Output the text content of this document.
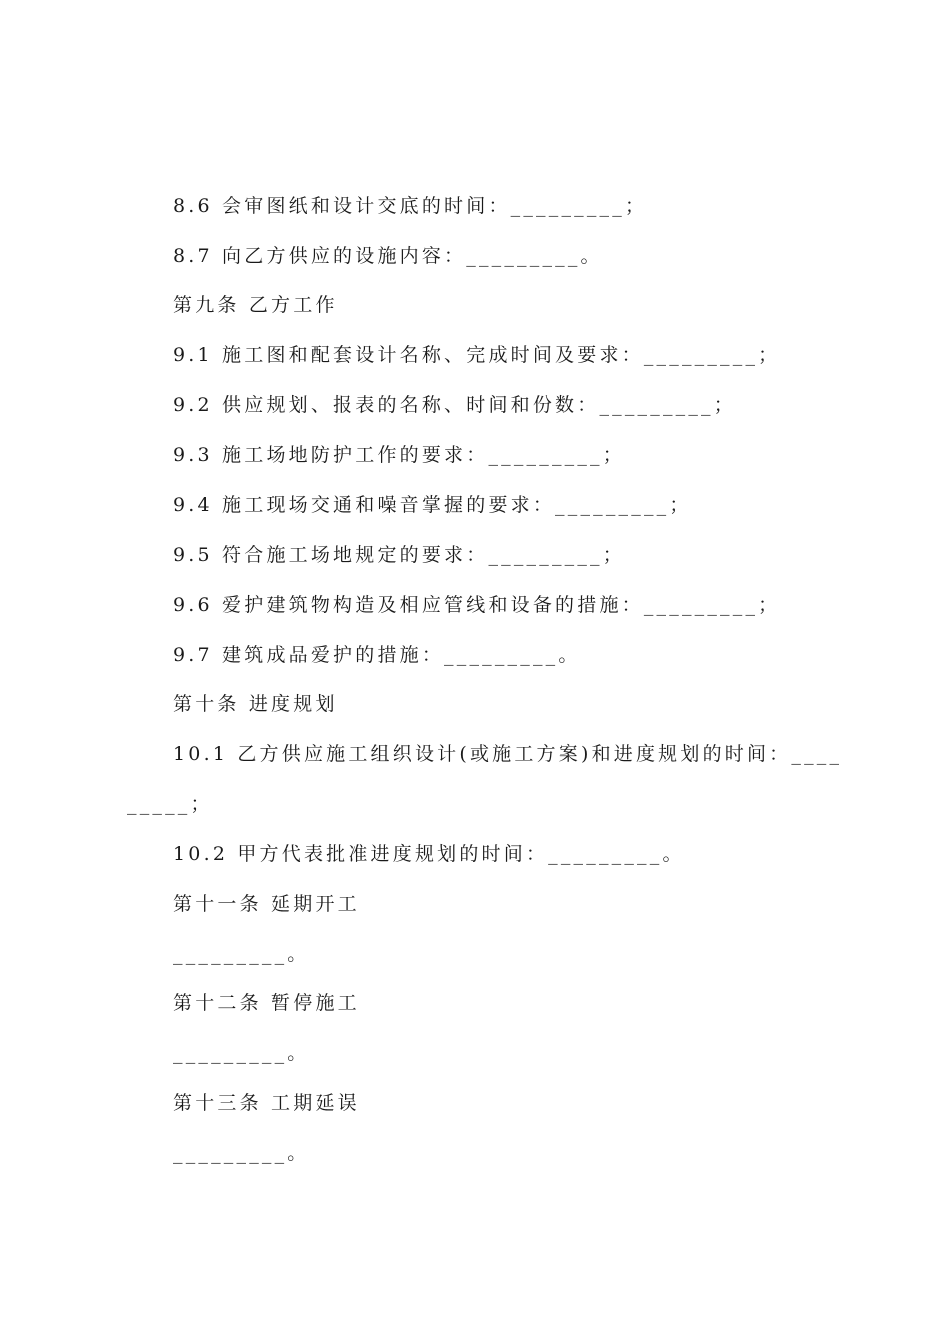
8.6 会审图纸和设计交底的时间：_________；
8.7 向乙方供应的设施内容：_________。
第九条 乙方工作
9.1 施工图和配套设计名称、完成时间及要求：_________；
9.2 供应规划、报表的名称、时间和份数：_________；
9.3 施工场地防护工作的要求：_________；
9.4 施工现场交通和噪音掌握的要求：_________；
9.5 符合施工场地规定的要求：_________；
9.6 爱护建筑物构造及相应管线和设备的措施：_________；
9.7 建筑成品爱护的措施：_________。
第十条 进度规划
10.1 乙方供应施工组织设计(或施工方案)和进度规划的时间：____
_____；
10.2 甲方代表批准进度规划的时间：_________。
第十一条 延期开工
_________。
第十二条 暂停施工
_________。
第十三条 工期延误
_________。
